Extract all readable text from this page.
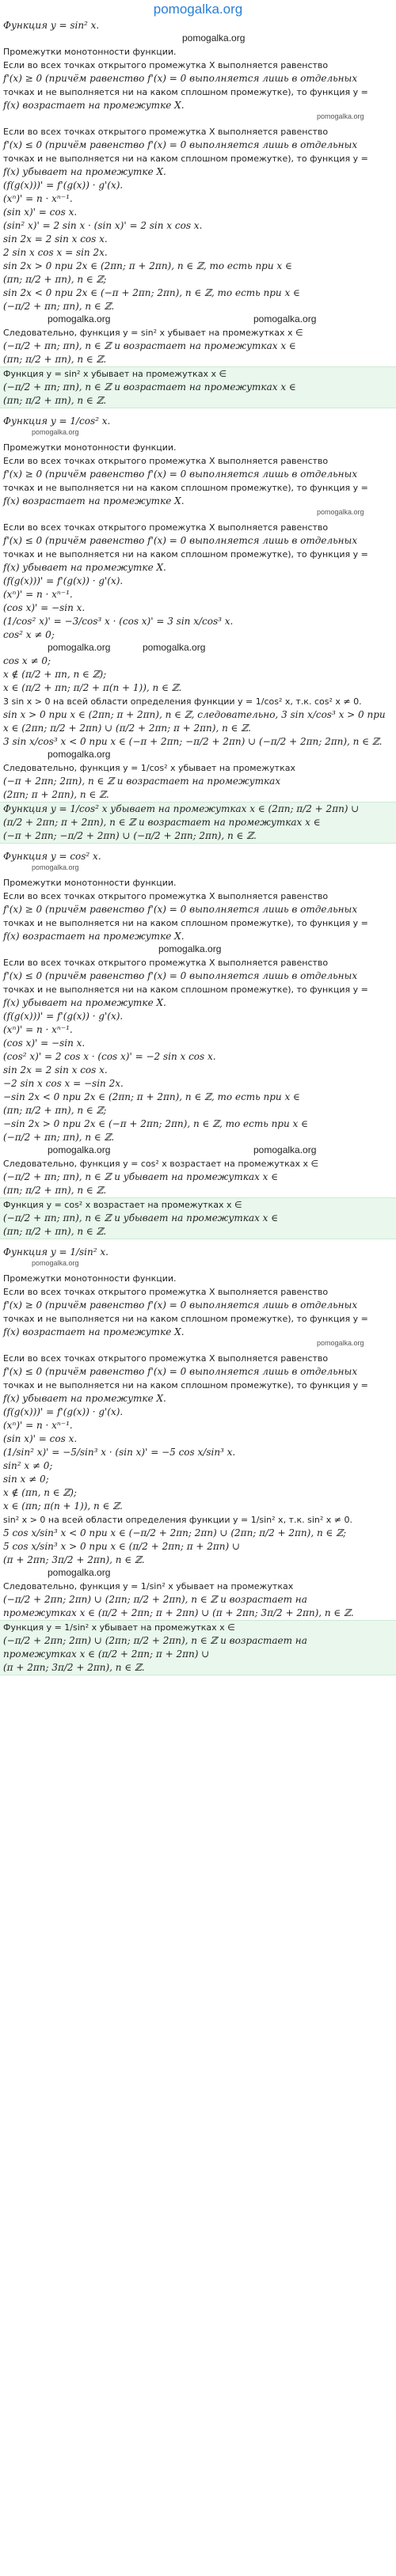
pomogalka.org
Функция y = sin² x.
pomogalka.org
Промежутки монотонности функции.
Если во всех точках открытого промежутка X выполняется равенство
f'(x) ≥ 0 (причём равенство f'(x) = 0 выполняется лишь в отдельных
точках и не выполняется ни на каком сплошном промежутке), то функция y =
f(x) возрастает на промежутке X.
pomogalka.org
Если во всех точках открытого промежутка X выполняется равенство
f'(x) ≤ 0 (причём равенство f'(x) = 0 выполняется лишь в отдельных
точках и не выполняется ни на каком сплошном промежутке), то функция y =
f(x) убывает на промежутке X.
(f(g(x)))' = f'(g(x)) · g'(x).
(xⁿ)' = n · xⁿ⁻¹.
(sin x)' = cos x.
(sin² x)' = 2 sin x · (sin x)' = 2 sin x cos x.
sin 2x = 2 sin x cos x.
2 sin x cos x = sin 2x.
sin 2x > 0 при 2x ∈ (2πn; π + 2πn), n ∈ ℤ, то есть при x ∈
(πn; π/2 + πn), n ∈ ℤ;
sin 2x < 0 при 2x ∈ (−π + 2πn; 2πn), n ∈ ℤ, то есть при x ∈
(−π/2 + πn; πn), n ∈ ℤ.
pomogalka.org	pomogalka.org
Следовательно, функция y = sin² x убывает на промежутках x ∈
(−π/2 + πn; πn), n ∈ ℤ и возрастает на промежутках x ∈
(πn; π/2 + πn), n ∈ ℤ.
Функция y = sin² x убывает на промежутках x ∈
(−π/2 + πn; πn), n ∈ ℤ и возрастает на промежутках x ∈
(πn; π/2 + πn), n ∈ ℤ.
Функция y = 1/cos² x.
pomogalka.org
Промежутки монотонности функции.
Если во всех точках открытого промежутка X выполняется равенство
f'(x) ≥ 0 (причём равенство f'(x) = 0 выполняется лишь в отдельных
точках и не выполняется ни на каком сплошном промежутке), то функция y =
f(x) возрастает на промежутке X.
pomogalka.org
Если во всех точках открытого промежутка X выполняется равенство
f'(x) ≤ 0 (причём равенство f'(x) = 0 выполняется лишь в отдельных
точках и не выполняется ни на каком сплошном промежутке), то функция y =
f(x) убывает на промежутке X.
(f(g(x)))' = f'(g(x)) · g'(x).
(xⁿ)' = n · xⁿ⁻¹.
(cos x)' = −sin x.
(1/cos² x)' = −3/cos³ x · (cos x)' = 3 sin x/cos³ x.
cos² x ≠ 0;
pomogalka.org	pomogalka.org
cos x ≠ 0;
x ∉ (π/2 + πn, n ∈ ℤ);
x ∈ (π/2 + πn; π/2 + π(n + 1)), n ∈ ℤ.
3 sin x > 0 на всей области определения функции y = 1/cos² x, т.к. cos² x ≠ 0.
sin x > 0 при x ∈ (2πn; π + 2πn), n ∈ ℤ, следовательно, 3 sin x/cos³ x > 0 при
x ∈ (2πn; π/2 + 2πn) ∪ (π/2 + 2πn; π + 2πn), n ∈ ℤ.
3 sin x/cos³ x < 0 при x ∈ (−π + 2πn; −π/2 + 2πn) ∪ (−π/2 + 2πn; 2πn), n ∈ ℤ.
pomogalka.org
Следовательно, функция y = 1/cos² x убывает на промежутках
(−π + 2πn; 2πn), n ∈ ℤ и возрастает на промежутках
(2πn; π + 2πn), n ∈ ℤ.
Функция y = 1/cos² x убывает на промежутках x ∈ (2πn; π/2 + 2πn) ∪
(π/2 + 2πn; π + 2πn), n ∈ ℤ и возрастает на промежутках x ∈
(−π + 2πn; −π/2 + 2πn) ∪ (−π/2 + 2πn; 2πn), n ∈ ℤ.
Функция y = cos² x.
pomogalka.org
Промежутки монотонности функции.
Если во всех точках открытого промежутка X выполняется равенство
f'(x) ≥ 0 (причём равенство f'(x) = 0 выполняется лишь в отдельных
точках и не выполняется ни на каком сплошном промежутке), то функция y =
f(x) возрастает на промежутке X.
pomogalka.org
Если во всех точках открытого промежутка X выполняется равенство
f'(x) ≤ 0 (причём равенство f'(x) = 0 выполняется лишь в отдельных
точках и не выполняется ни на каком сплошном промежутке), то функция y =
f(x) убывает на промежутке X.
(f(g(x)))' = f'(g(x)) · g'(x).
(xⁿ)' = n · xⁿ⁻¹.
(cos x)' = −sin x.
(cos² x)' = 2 cos x · (cos x)' = −2 sin x cos x.
sin 2x = 2 sin x cos x.
−2 sin x cos x = −sin 2x.
−sin 2x < 0 при 2x ∈ (2πn; π + 2πn), n ∈ ℤ, то есть при x ∈
(πn; π/2 + πn), n ∈ ℤ;
−sin 2x > 0 при 2x ∈ (−π + 2πn; 2πn), n ∈ ℤ, то есть при x ∈
(−π/2 + πn; πn), n ∈ ℤ.
pomogalka.org	pomogalka.org
Следовательно, функция y = cos² x возрастает на промежутках x ∈
(−π/2 + πn; πn), n ∈ ℤ и убывает на промежутках x ∈
(πn; π/2 + πn), n ∈ ℤ.
Функция y = cos² x возрастает на промежутках x ∈
(−π/2 + πn; πn), n ∈ ℤ и убывает на промежутках x ∈
(πn; π/2 + πn), n ∈ ℤ.
Функция y = 1/sin² x.
pomogalka.org
Промежутки монотонности функции.
Если во всех точках открытого промежутка X выполняется равенство
f'(x) ≥ 0 (причём равенство f'(x) = 0 выполняется лишь в отдельных
точках и не выполняется ни на каком сплошном промежутке), то функция y =
f(x) возрастает на промежутке X.
pomogalka.org
Если во всех точках открытого промежутка X выполняется равенство
f'(x) ≤ 0 (причём равенство f'(x) = 0 выполняется лишь в отдельных
точках и не выполняется ни на каком сплошном промежутке), то функция y =
f(x) убывает на промежутке X.
(f(g(x)))' = f'(g(x)) · g'(x).
(xⁿ)' = n · xⁿ⁻¹.
(sin x)' = cos x.
(1/sin² x)' = −5/sin³ x · (sin x)' = −5 cos x/sin³ x.
sin² x ≠ 0;
sin x ≠ 0;
x ∉ (πn, n ∈ ℤ);
x ∈ (πn; π(n + 1)), n ∈ ℤ.
sin² x > 0 на всей области определения функции y = 1/sin² x, т.к. sin² x ≠ 0.
5 cos x/sin³ x < 0 при x ∈ (−π/2 + 2πn; 2πn) ∪ (2πn; π/2 + 2πn), n ∈ ℤ;
5 cos x/sin³ x > 0 при x ∈ (π/2 + 2πn; π + 2πn) ∪
(π + 2πn; 3π/2 + 2πn), n ∈ ℤ.
pomogalka.org
Следовательно, функция y = 1/sin² x убывает на промежутках
(−π/2 + 2πn; 2πn) ∪ (2πn; π/2 + 2πn), n ∈ ℤ и возрастает на
промежутках x ∈ (π/2 + 2πn; π + 2πn) ∪ (π + 2πn; 3π/2 + 2πn), n ∈ ℤ.
Функция y = 1/sin² x убывает на промежутках x ∈
(−π/2 + 2πn; 2πn) ∪ (2πn; π/2 + 2πn), n ∈ ℤ и возрастает на
промежутках x ∈ (π/2 + 2πn; π + 2πn) ∪
(π + 2πn; 3π/2 + 2πn), n ∈ ℤ.
